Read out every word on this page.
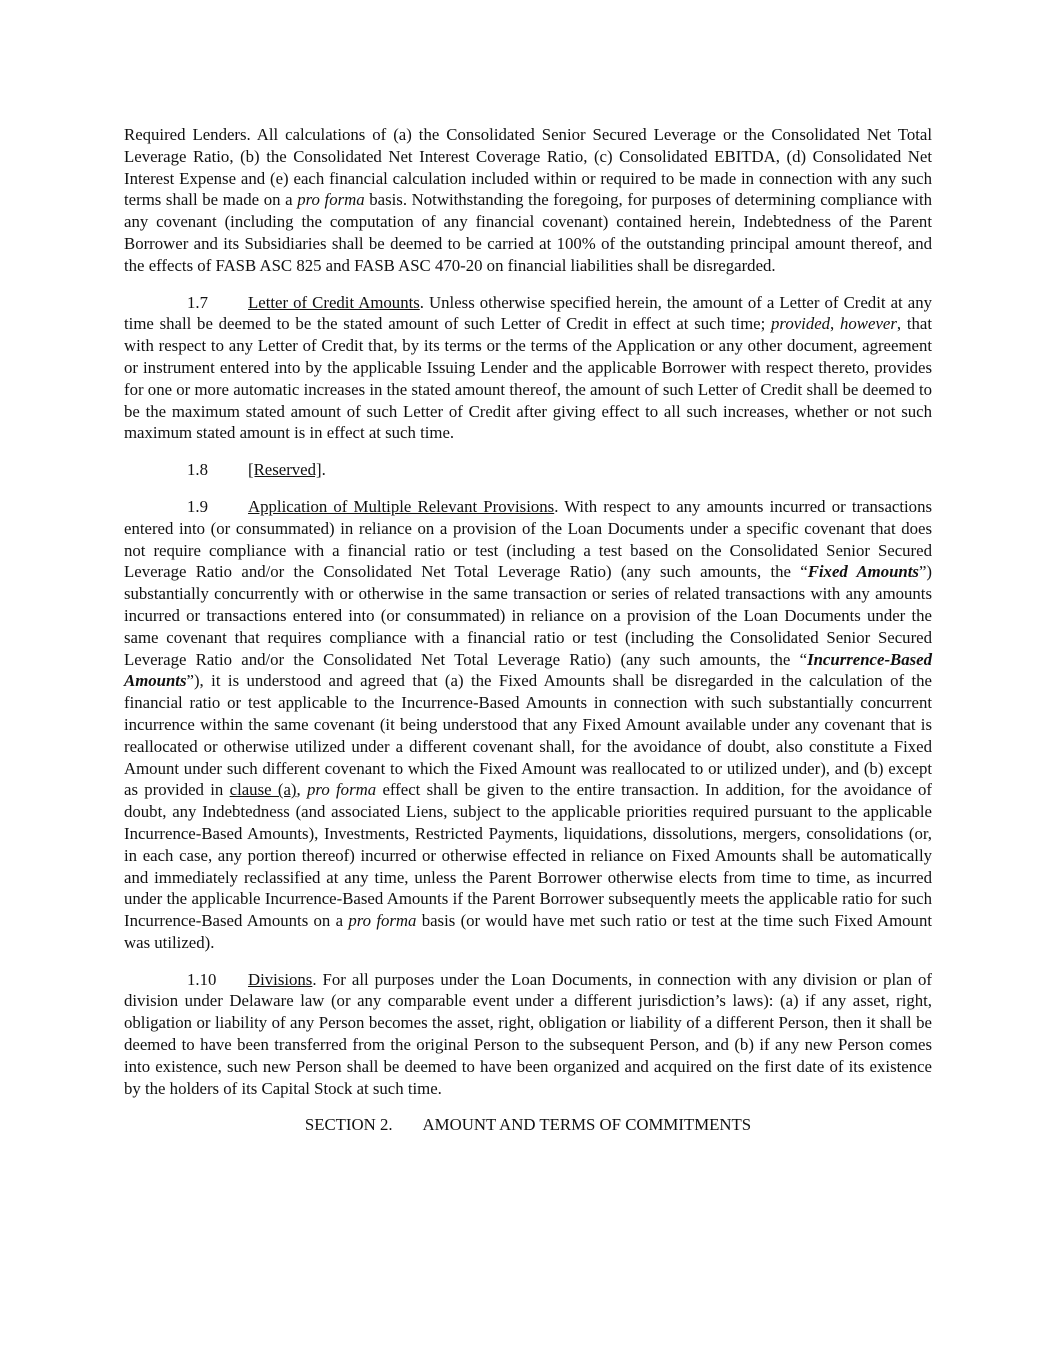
Required Lenders. All calculations of (a) the Consolidated Senior Secured Leverage or the Consolidated Net Total Leverage Ratio, (b) the Consolidated Net Interest Coverage Ratio, (c) Consolidated EBITDA, (d) Consolidated Net Interest Expense and (e) each financial calculation included within or required to be made in connection with any such terms shall be made on a pro forma basis. Notwithstanding the foregoing, for purposes of determining compliance with any covenant (including the computation of any financial covenant) contained herein, Indebtedness of the Parent Borrower and its Subsidiaries shall be deemed to be carried at 100% of the outstanding principal amount thereof, and the effects of FASB ASC 825 and FASB ASC 470-20 on financial liabilities shall be disregarded.

1.7 Letter of Credit Amounts. Unless otherwise specified herein, the amount of a Letter of Credit at any time shall be deemed to be the stated amount of such Letter of Credit in effect at such time; provided, however, that with respect to any Letter of Credit that, by its terms or the terms of the Application or any other document, agreement or instrument entered into by the applicable Issuing Lender and the applicable Borrower with respect thereto, provides for one or more automatic increases in the stated amount thereof, the amount of such Letter of Credit shall be deemed to be the maximum stated amount of such Letter of Credit after giving effect to all such increases, whether or not such maximum stated amount is in effect at such time.

1.8 [Reserved].

1.9 Application of Multiple Relevant Provisions. With respect to any amounts incurred or transactions entered into (or consummated) in reliance on a provision of the Loan Documents under a specific covenant that does not require compliance with a financial ratio or test (including a test based on the Consolidated Senior Secured Leverage Ratio and/or the Consolidated Net Total Leverage Ratio) (any such amounts, the “Fixed Amounts”) substantially concurrently with or otherwise in the same transaction or series of related transactions with any amounts incurred or transactions entered into (or consummated) in reliance on a provision of the Loan Documents under the same covenant that requires compliance with a financial ratio or test (including the Consolidated Senior Secured Leverage Ratio and/or the Consolidated Net Total Leverage Ratio) (any such amounts, the “Incurrence-Based Amounts”), it is understood and agreed that (a) the Fixed Amounts shall be disregarded in the calculation of the financial ratio or test applicable to the Incurrence-Based Amounts in connection with such substantially concurrent incurrence within the same covenant (it being understood that any Fixed Amount available under any covenant that is reallocated or otherwise utilized under a different covenant shall, for the avoidance of doubt, also constitute a Fixed Amount under such different covenant to which the Fixed Amount was reallocated to or utilized under), and (b) except as provided in clause (a), pro forma effect shall be given to the entire transaction. In addition, for the avoidance of doubt, any Indebtedness (and associated Liens, subject to the applicable priorities required pursuant to the applicable Incurrence-Based Amounts), Investments, Restricted Payments, liquidations, dissolutions, mergers, consolidations (or, in each case, any portion thereof) incurred or otherwise effected in reliance on Fixed Amounts shall be automatically and immediately reclassified at any time, unless the Parent Borrower otherwise elects from time to time, as incurred under the applicable Incurrence-Based Amounts if the Parent Borrower subsequently meets the applicable ratio for such Incurrence-Based Amounts on a pro forma basis (or would have met such ratio or test at the time such Fixed Amount was utilized).

1.10 Divisions. For all purposes under the Loan Documents, in connection with any division or plan of division under Delaware law (or any comparable event under a different jurisdiction’s laws): (a) if any asset, right, obligation or liability of any Person becomes the asset, right, obligation or liability of a different Person, then it shall be deemed to have been transferred from the original Person to the subsequent Person, and (b) if any new Person comes into existence, such new Person shall be deemed to have been organized and acquired on the first date of its existence by the holders of its Capital Stock at such time.

SECTION 2. AMOUNT AND TERMS OF COMMITMENTS
